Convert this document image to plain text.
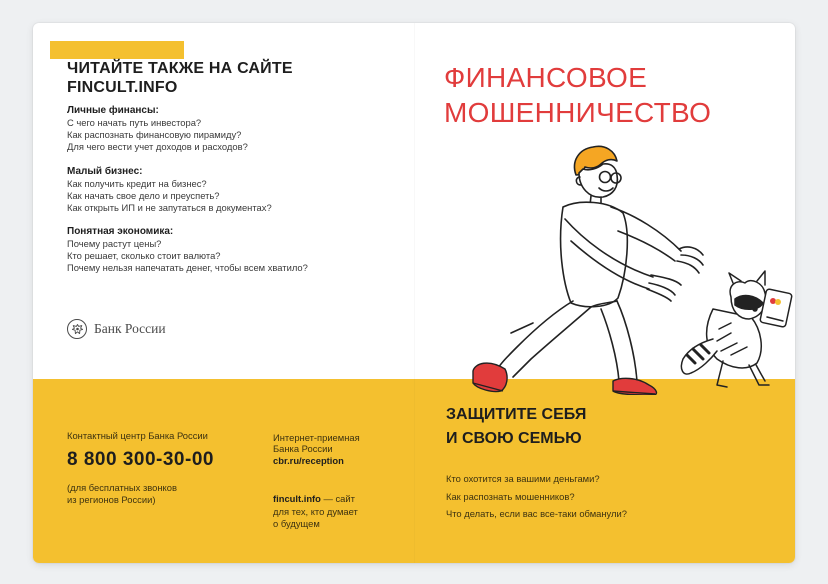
ЧИТАЙТЕ ТАКЖЕ НА САЙТЕ
FINCULT.INFO
Личные финансы:
С чего начать путь инвестора?
Как распознать финансовую пирамиду?
Для чего вести учет доходов и расходов?
Малый бизнес:
Как получить кредит на бизнес?
Как начать свое дело и преуспеть?
Как открыть ИП и не запутаться в документах?
Понятная экономика:
Почему растут цены?
Кто решает, сколько стоит валюта?
Почему нельзя напечатать денег, чтобы всем хватило?
Банк России
Контактный центр Банка России
8 800 300-30-00
(для бесплатных звонков
из регионов России)
Интернет-приемная
Банка России
cbr.ru/reception
fincult.info — сайт
для тех, кто думает
о будущем
ФИНАНСОВОЕ
МОШЕННИЧЕСТВО
ЗАЩИТИТЕ СЕБЯ
И СВОЮ СЕМЬЮ
Кто охотится за вашими деньгами?
Как распознать мошенников?
Что делать, если вас все-таки обманули?
